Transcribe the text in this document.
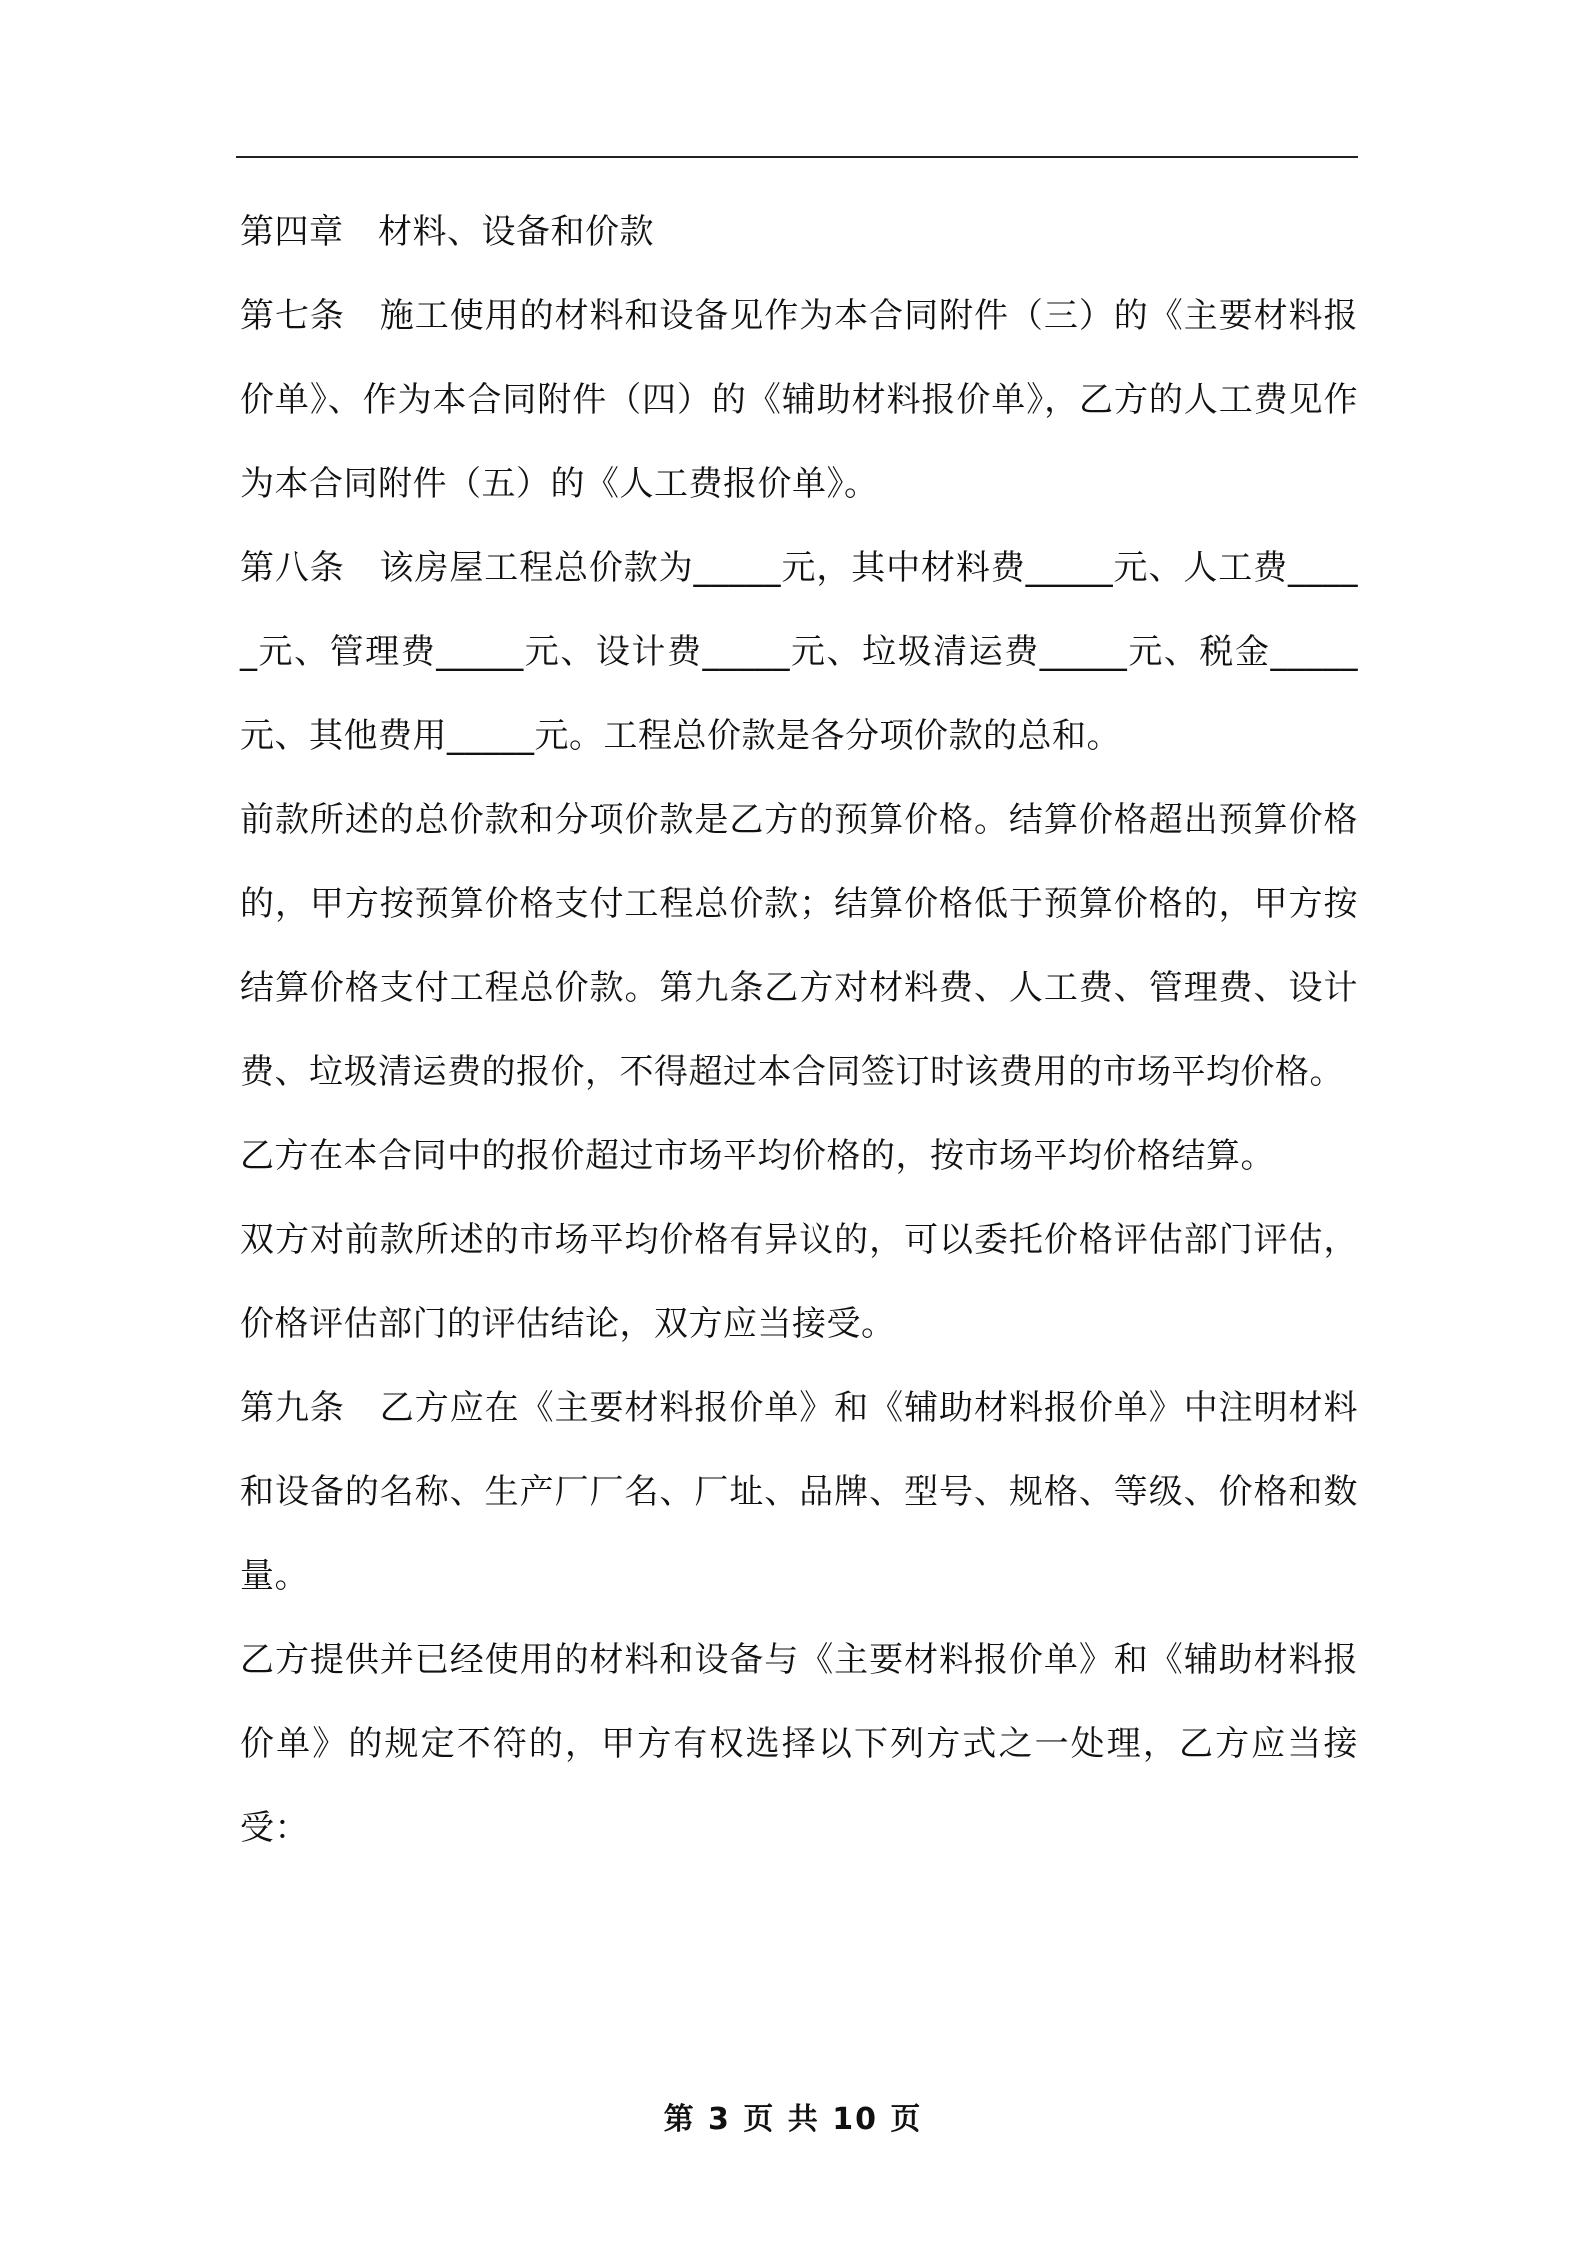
第四章　材料、设备和价款

第七条　施工使用的材料和设备见作为本合同附件（三）的《主要材料报价单》、作为本合同附件（四）的《辅助材料报价单》，乙方的人工费见作为本合同附件（五）的《人工费报价单》。

第八条　该房屋工程总价款为_____元，其中材料费_____元、人工费_____元、管理费_____元、设计费_____元、垃圾清运费_____元、税金_____元、其他费用_____元。工程总价款是各分项价款的总和。

前款所述的总价款和分项价款是乙方的预算价格。结算价格超出预算价格的，甲方按预算价格支付工程总价款；结算价格低于预算价格的，甲方按结算价格支付工程总价款。第九条乙方对材料费、人工费、管理费、设计费、垃圾清运费的报价，不得超过本合同签订时该费用的市场平均价格。

乙方在本合同中的报价超过市场平均价格的，按市场平均价格结算。

双方对前款所述的市场平均价格有异议的，可以委托价格评估部门评估，价格评估部门的评估结论，双方应当接受。

第九条　乙方应在《主要材料报价单》和《辅助材料报价单》中注明材料和设备的名称、生产厂厂名、厂址、品牌、型号、规格、等级、价格和数量。

乙方提供并已经使用的材料和设备与《主要材料报价单》和《辅助材料报价单》的规定不符的，甲方有权选择以下列方式之一处理，乙方应当接受：

第 3 页 共 10 页
